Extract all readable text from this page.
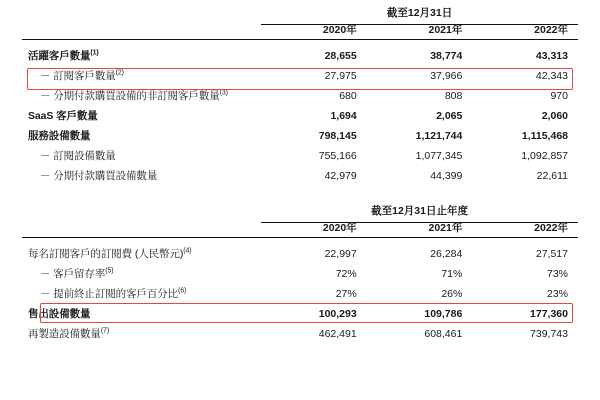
	截至12月31日		
	2020年	2021年	2022年

活躍客戶數量$^{(1)}$	28,655	38,774	43,313
－ 訂閱客戶數量$^{(2)}$	27,975	37,966	42,343
－ 分期付款購買設備的非訂閱客戶數量$^{(3)}$	680	808	970
SaaS 客戶數量	1,694	2,065	2,060
服務設備數量	798,145	1,121,744	1,115,468
－ 訂閱設備數量	755,166	1,077,345	1,092,857
－ 分期付款購買設備數量	42,979	44,399	22,611

	截至12月31日止年度		
	2020年	2021年	2022年

每名訂閱客戶的訂閱費 (人民幣元)$^{(4)}$	22,997	26,284	27,517
－ 客戶留存率$^{(5)}$	72%	71%	73%
－ 提前終止訂閱的客戶百分比$^{(6)}$	27%	26%	23%
售出設備數量	100,293	109,786	177,360
再製造設備數量$^{(7)}$	462,491	608,461	739,743
